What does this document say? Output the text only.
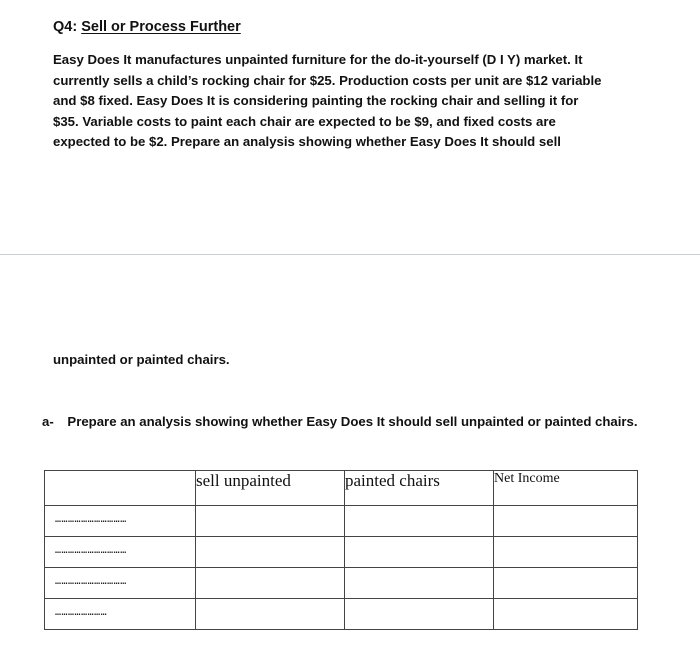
Q4: Sell or Process Further
Easy Does It manufactures unpainted furniture for the do-it-yourself (D I Y) market. It
currently sells a child’s rocking chair for $25. Production costs per unit are $12 variable
and $8 fixed. Easy Does It is considering painting the rocking chair and selling it for
$35. Variable costs to paint each chair are expected to be $9, and fixed costs are
expected to be $2. Prepare an analysis showing whether Easy Does It should sell
unpainted or painted chairs.
a- Prepare an analysis showing whether Easy Does It should sell unpainted or painted chairs.
	sell unpainted	painted chairs	Net Income

……………………………			

……………………………			

……………………………			

……………………			
